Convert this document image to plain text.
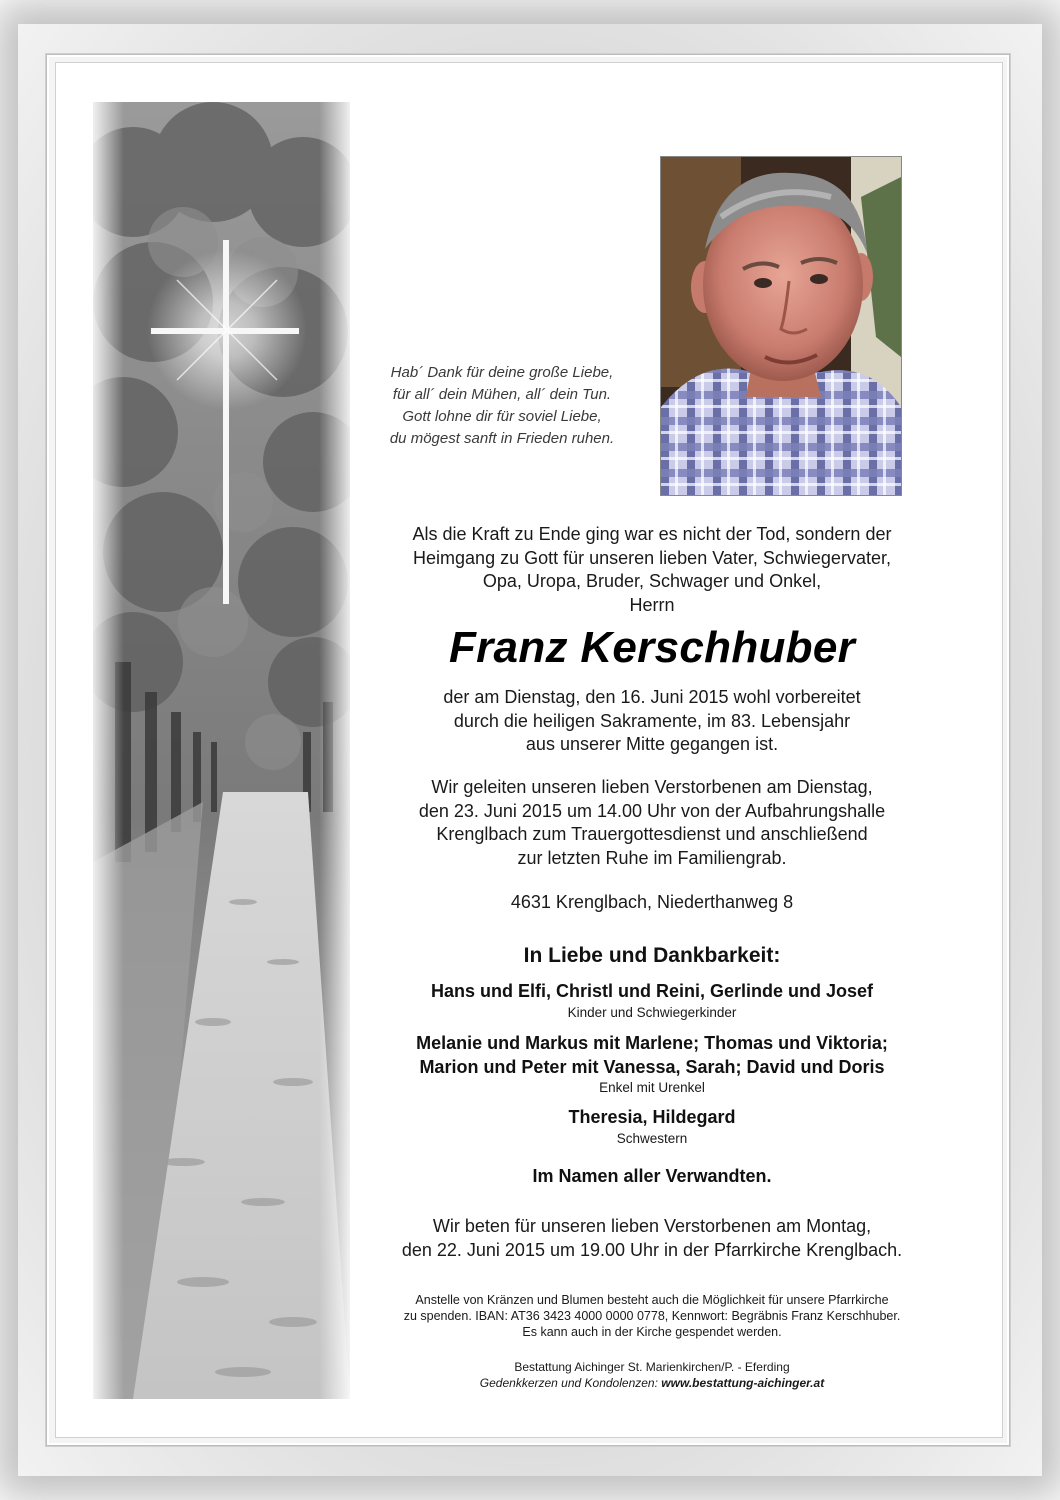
Hab´ Dank für deine große Liebe,
für all´ dein Mühen, all´ dein Tun.
Gott lohne dir für soviel Liebe,
du mögest sanft in Frieden ruhen.
Als die Kraft zu Ende ging war es nicht der Tod, sondern der
Heimgang zu Gott für unseren lieben Vater, Schwiegervater,
Opa, Uropa, Bruder, Schwager und Onkel,
Herrn
Franz Kerschhuber
der am Dienstag, den 16. Juni 2015 wohl vorbereitet
durch die heiligen Sakramente, im 83. Lebensjahr
aus unserer Mitte gegangen ist.
Wir geleiten unseren lieben Verstorbenen am Dienstag,
den 23. Juni 2015 um 14.00 Uhr von der Aufbahrungshalle
Krenglbach zum Trauergottesdienst und anschließend
zur letzten Ruhe im Familiengrab.
4631 Krenglbach, Niederthanweg 8
In Liebe und Dankbarkeit:
Hans und Elfi, Christl und Reini, Gerlinde und Josef
Kinder und Schwiegerkinder
Melanie und Markus mit Marlene; Thomas und Viktoria;
Marion und Peter mit Vanessa, Sarah; David und Doris
Enkel mit Urenkel
Theresia, Hildegard
Schwestern
Im Namen aller Verwandten.
Wir beten für unseren lieben Verstorbenen am Montag,
den 22. Juni 2015 um 19.00 Uhr in der Pfarrkirche Krenglbach.
Anstelle von Kränzen und Blumen besteht auch die Möglichkeit für unsere Pfarrkirche
zu spenden. IBAN: AT36 3423 4000 0000 0778, Kennwort: Begräbnis Franz Kerschhuber.
Es kann auch in der Kirche gespendet werden.
Bestattung Aichinger St. Marienkirchen/P. - Eferding
Gedenkkerzen und Kondolenzen: www.bestattung-aichinger.at
